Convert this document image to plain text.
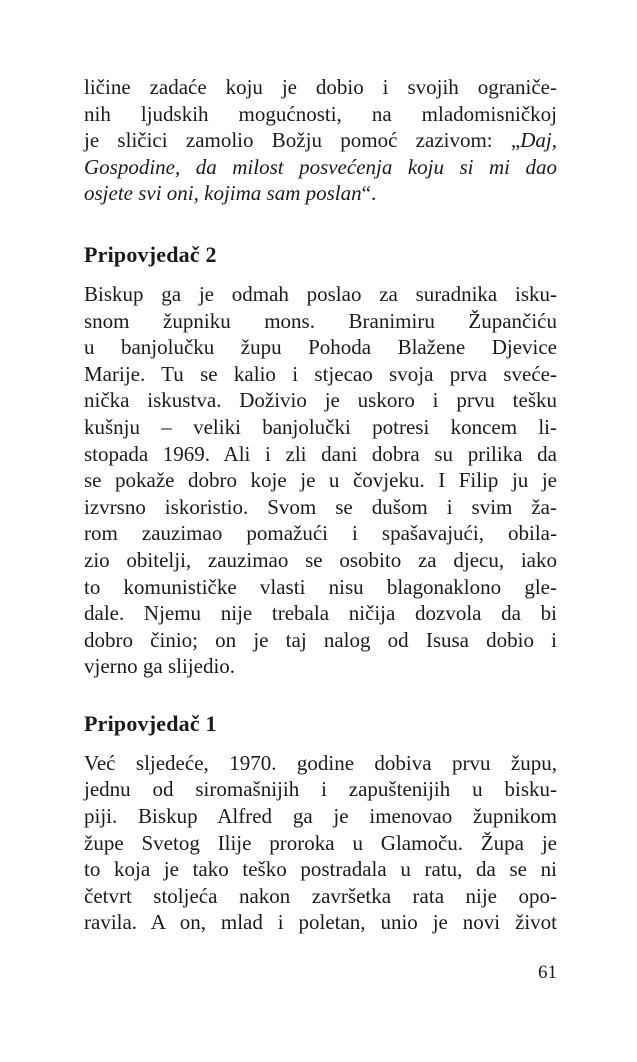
ličine zadaće koju je dobio i svojih ograniče-
nih ljudskih mogućnosti, na mladomisničkoj
je sličici zamolio Božju pomoć zazivom: „Daj,
Gospodine, da milost posvećenja koju si mi dao
osjete svi oni, kojima sam poslan“.

Pripovjedač 2

Biskup ga je odmah poslao za suradnika isku-
snom župniku mons. Branimiru Župančiću
u banjolučku župu Pohoda Blažene Djevice
Marije. Tu se kalio i stjecao svoja prva sveće-
nička iskustva. Doživio je uskoro i prvu tešku
kušnju – veliki banjolučki potresi koncem li-
stopada 1969. Ali i zli dani dobra su prilika da
se pokaže dobro koje je u čovjeku. I Filip ju je
izvrsno iskoristio. Svom se dušom i svim ža-
rom zauzimao pomažući i spašavajući, obila-
zio obitelji, zauzimao se osobito za djecu, iako
to komunističke vlasti nisu blagonaklono gle-
dale. Njemu nije trebala ničija dozvola da bi
dobro činio; on je taj nalog od Isusa dobio i
vjerno ga slijedio.

Pripovjedač 1

Već sljedeće, 1970. godine dobiva prvu župu,
jednu od siromašnijih i zapuštenijih u bisku-
piji. Biskup Alfred ga je imenovao župnikom
župe Svetog Ilije proroka u Glamoču. Župa je
to koja je tako teško postradala u ratu, da se ni
četvrt stoljeća nakon završetka rata nije opo-
ravila. A on, mlad i poletan, unio je novi život

61
